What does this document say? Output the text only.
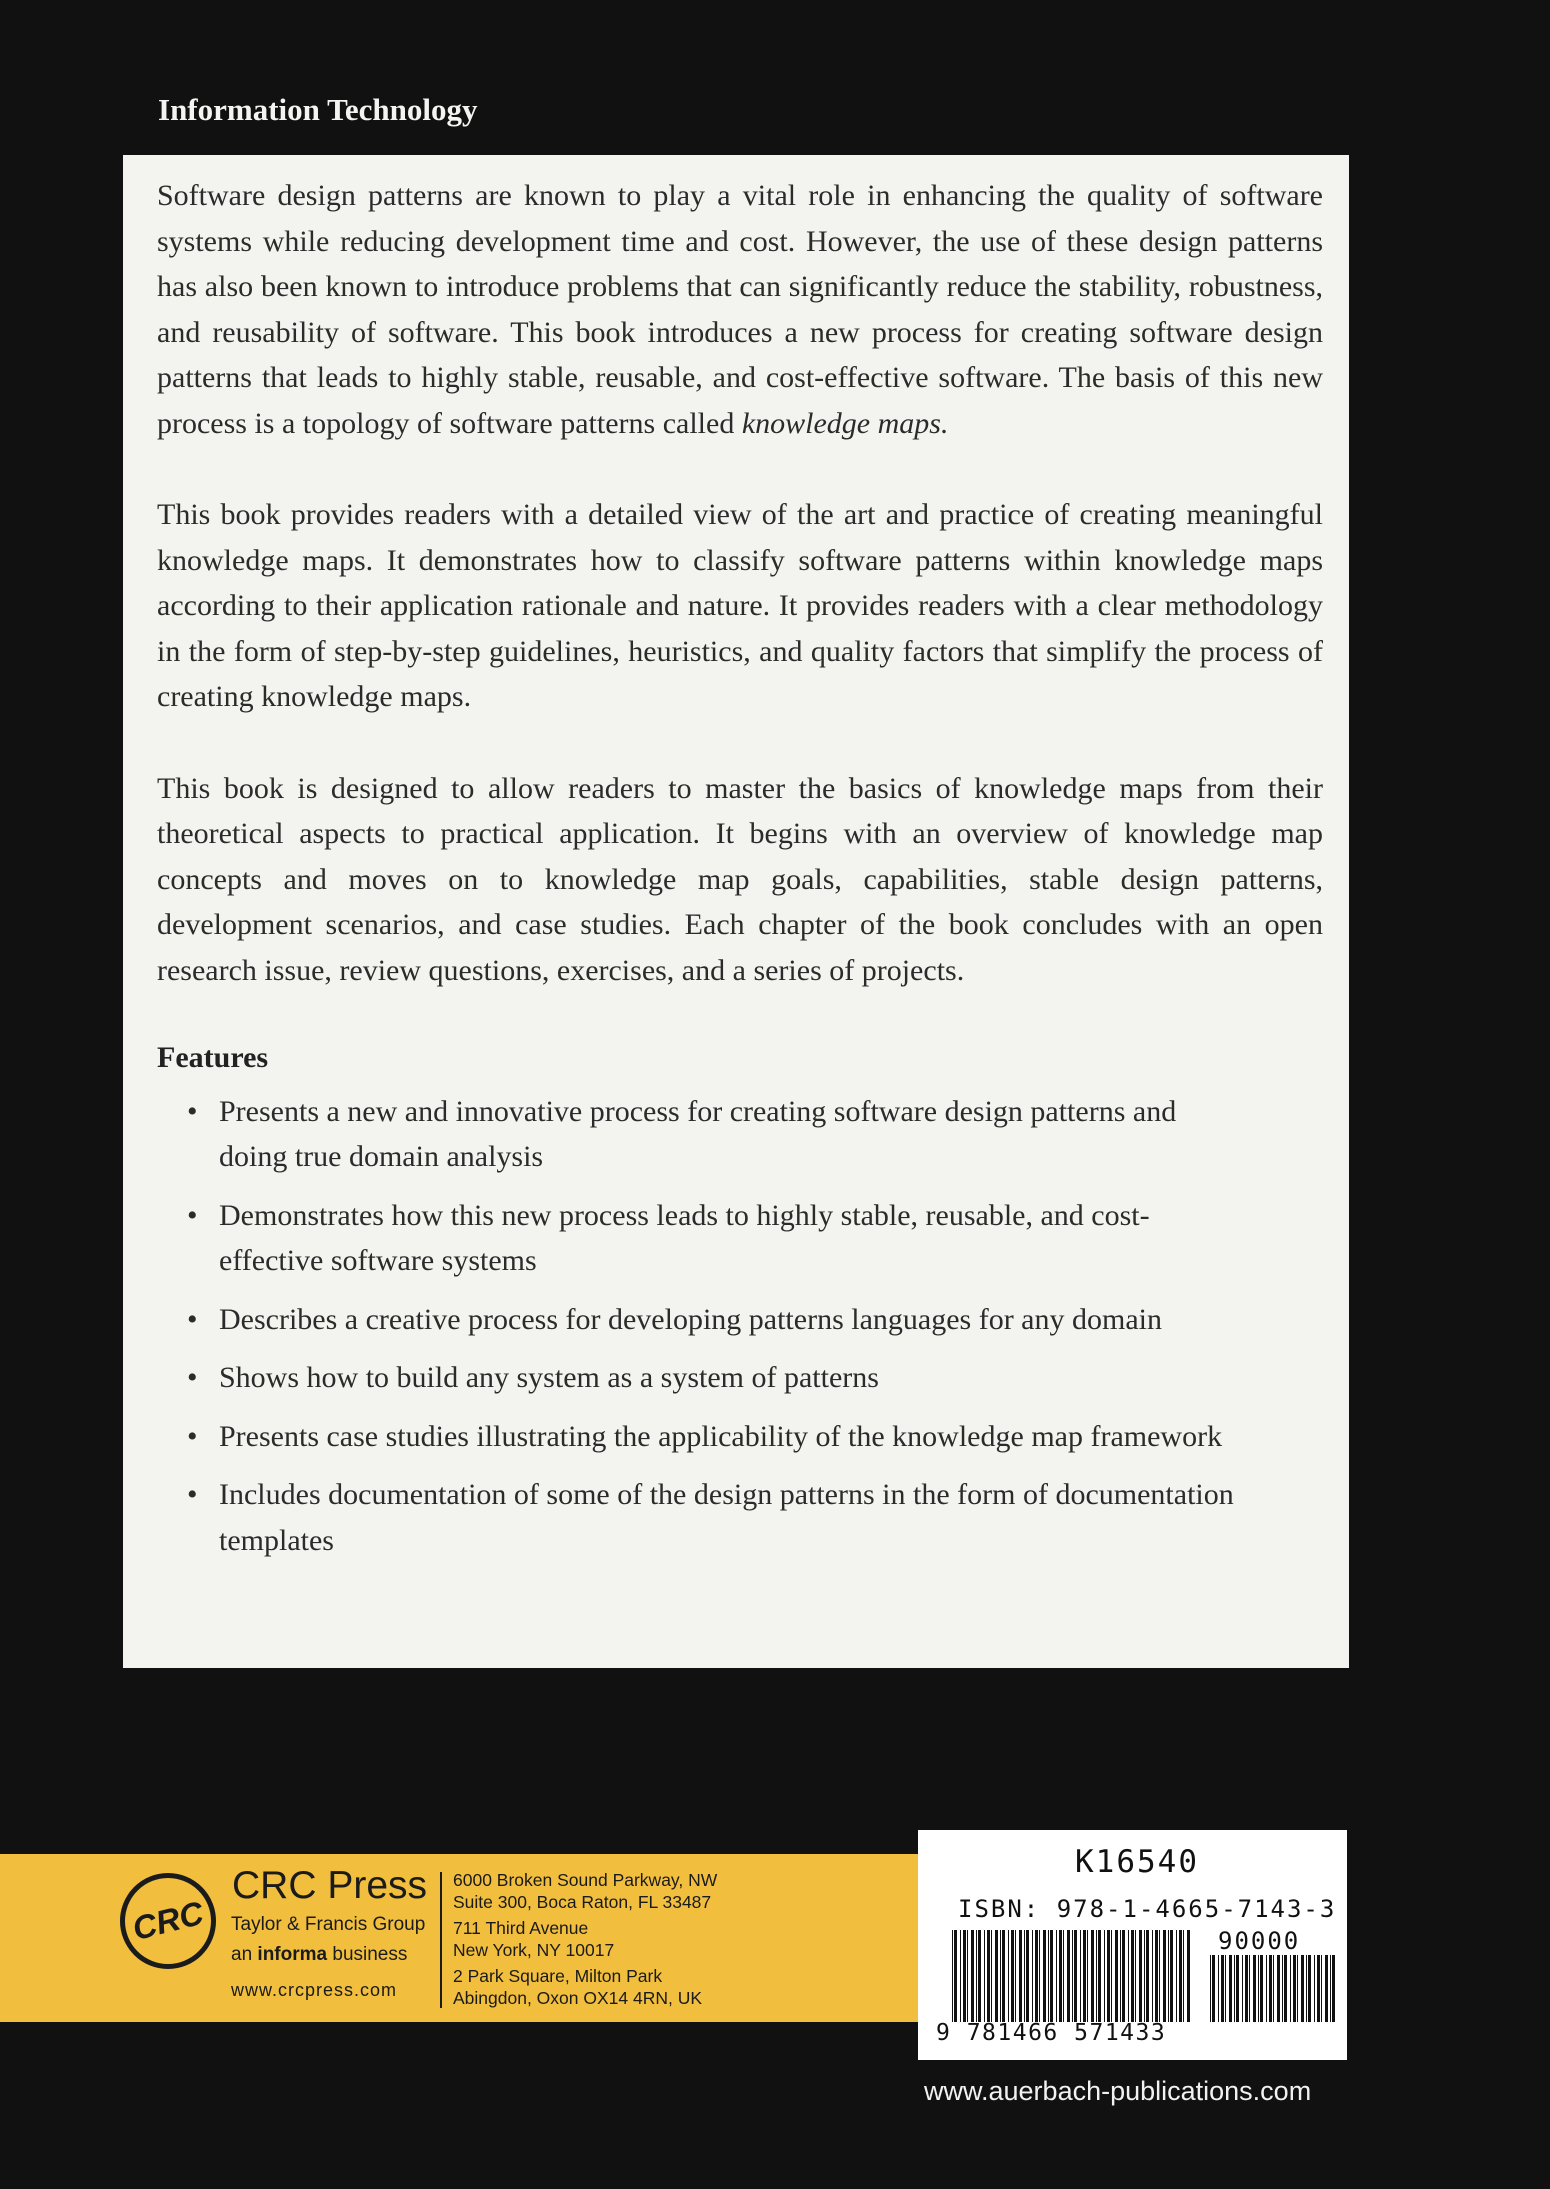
Information Technology

Software design patterns are known to play a vital role in enhancing the quality of software systems while reducing development time and cost. However, the use of these design patterns has also been known to introduce problems that can significantly reduce the stability, robustness, and reusability of software. This book introduces a new process for creating software design patterns that leads to highly stable, reusable, and cost-effective software. The basis of this new process is a topology of software patterns called knowledge maps.

This book provides readers with a detailed view of the art and practice of creating meaningful knowledge maps. It demonstrates how to classify software patterns within knowledge maps according to their application rationale and nature. It provides readers with a clear methodology in the form of step-by-step guidelines, heuristics, and quality factors that simplify the process of creating knowledge maps.

This book is designed to allow readers to master the basics of knowledge maps from their theoretical aspects to practical application. It begins with an overview of knowledge map concepts and moves on to knowledge map goals, capabilities, stable design patterns, development scenarios, and case studies. Each chapter of the book concludes with an open research issue, review questions, exercises, and a series of projects.

Features
• Presents a new and innovative process for creating software design patterns and doing true domain analysis
• Demonstrates how this new process leads to highly stable, reusable, and cost-effective software systems
• Describes a creative process for developing patterns languages for any domain
• Shows how to build any system as a system of patterns
• Presents case studies illustrating the applicability of the knowledge map framework
• Includes documentation of some of the design patterns in the form of documentation templates
CRC
CRC Press
Taylor & Francis Group
an informa business
www.crcpress.com
6000 Broken Sound Parkway, NW
Suite 300, Boca Raton, FL 33487
711 Third Avenue
New York, NY 10017
2 Park Square, Milton Park
Abingdon, Oxon OX14 4RN, UK
K16540
ISBN: 978-1-4665-7143-3
90000
9 781466 571433
www.auerbach-publications.com
